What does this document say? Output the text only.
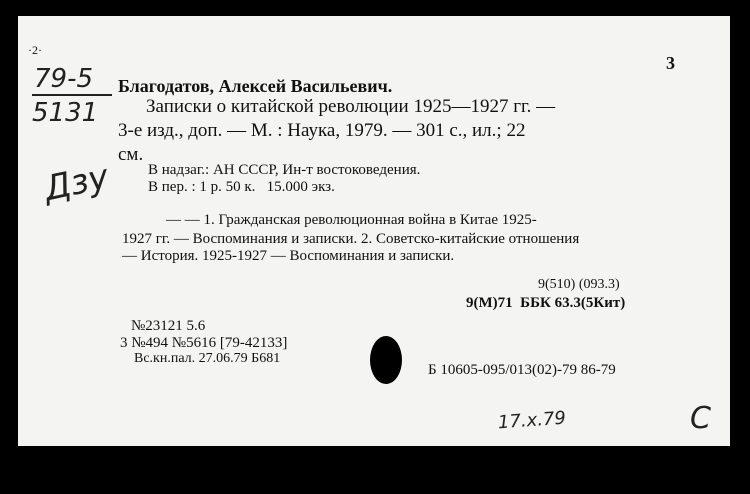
·2·
3
79-5
5131
Дзу
Благодатов, Алексей Васильевич.
Записки о китайской революции 1925—1927 гг. —
3-е изд., доп. — М. : Наука, 1979. — 301 с., ил.; 22
см.
В надзаг.: АН СССР, Ин-т востоковедения.
В пер. : 1 р. 50 к.   15.000 экз.
— — 1. Гражданская революционная война в Китае 1925-
1927 гг. — Воспоминания и записки. 2. Советско-китайские отношения
— История. 1925-1927 — Воспоминания и записки.
9(510) (093.3)
9(М)71  ББК 63.3(5Кит)
№23121 5.6
3 №494 №5616 [79-42133]
Вс.кн.пал. 27.06.79 Б681
Б 10605-095/013(02)-79 86-79
17.х.79	С
